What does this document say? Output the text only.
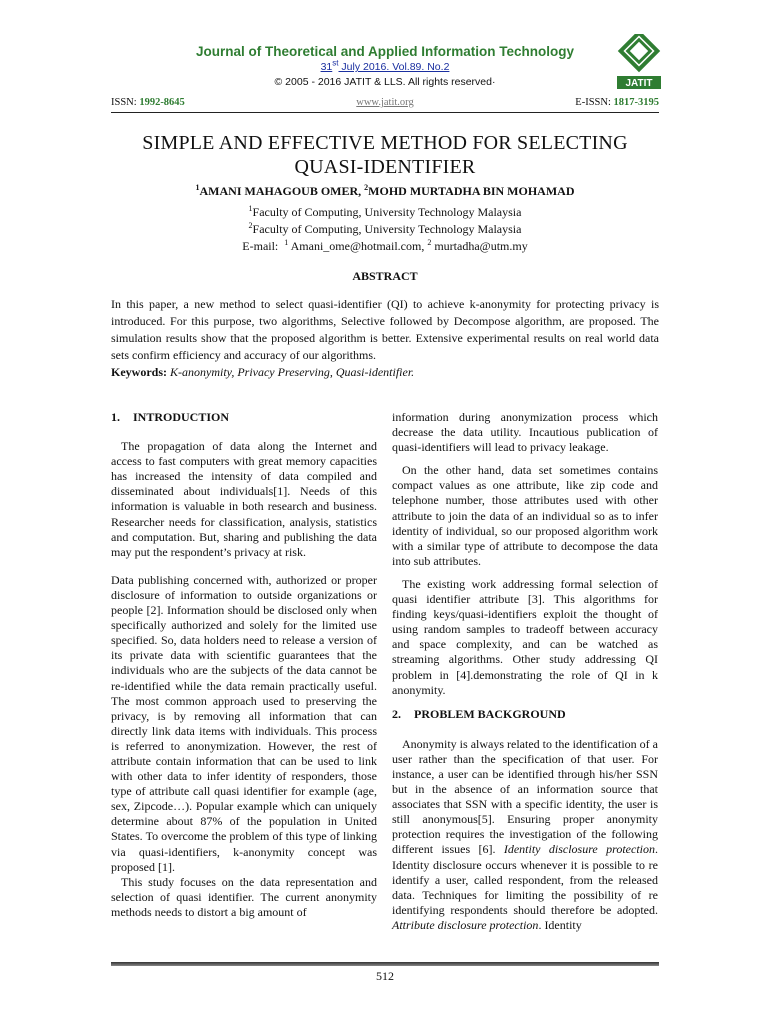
Journal of Theoretical and Applied Information Technology
31st July 2016. Vol.89. No.2
© 2005 - 2016 JATIT & LLS. All rights reserved·	JATIT
ISSN: 1992-8645	www.jatit.org	E-ISSN: 1817-3195
SIMPLE AND EFFECTIVE METHOD FOR SELECTING
QUASI-IDENTIFIER
$^1$AMANI MAHAGOUB OMER, $^2$MOHD MURTADHA BIN MOHAMAD
$^1$Faculty of Computing, University Technology Malaysia
$^2$Faculty of Computing, University Technology Malaysia
E-mail: $^1$ Amani_ome@hotmail.com, $^2$ murtadha@utm.my
ABSTRACT
In this paper, a new method to select quasi-identifier (QI) to achieve k-anonymity for protecting privacy is introduced. For this purpose, two algorithms, Selective followed by Decompose algorithm, are proposed. The simulation results show that the proposed algorithm is better. Extensive experimental results on real world data sets confirm efficiency and accuracy of our algorithms.
Keywords: K-anonymity, Privacy Preserving, Quasi-identifier.

1. INTRODUCTION

The propagation of data along the Internet and access to fast computers with great memory capacities has increased the intensity of data compiled and disseminated about individuals[1]. Needs of this information is valuable in both research and business. Researcher needs for classification, analysis, statistics and computation. But, sharing and publishing the data may put the respondent’s privacy at risk.

Data publishing concerned with, authorized or proper disclosure of information to outside organizations or people [2]. Information should be disclosed only when specifically authorized and solely for the limited use specified. So, data holders need to release a version of its private data with scientific guarantees that the individuals who are the subjects of the data cannot be re-identified while the data remain practically useful. The most common approach used to preserving the privacy, is by removing all information that can directly link data items with individuals. This process is referred to anonymization. However, the rest of attribute contain information that can be used to link with other data to infer identity of responders, those type of attribute call quasi identifier for example (age, sex, Zipcode…). Popular example which can uniquely determine about 87% of the population in United States. To overcome the problem of this type of linking via quasi-identifiers, k-anonymity concept was proposed [1].

This study focuses on the data representation and selection of quasi identifier. The current anonymity methods needs to distort a big amount of

information during anonymization process which decrease the data utility. Incautious publication of quasi-identifiers will lead to privacy leakage.

On the other hand, data set sometimes contains compact values as one attribute, like zip code and telephone number, those attributes used with other attribute to join the data of an individual so as to infer identity of individual, so our proposed algorithm work with a similar type of attribute to decompose the data into sub attributes.

The existing work addressing formal selection of quasi identifier attribute [3]. This algorithms for finding keys/quasi-identifiers exploit the thought of using random samples to tradeoff between accuracy and space complexity, and can be watched as streaming algorithms. Other study addressing QI problem in [4].demonstrating the role of QI in k anonymity.

2. PROBLEM BACKGROUND

Anonymity is always related to the identification of a user rather than the specification of that user. For instance, a user can be identified through his/her SSN but in the absence of an information source that associates that SSN with a specific identity, the user is still anonymous[5]. Ensuring proper anonymity protection requires the investigation of the following different issues [6]. Identity disclosure protection. Identity disclosure occurs whenever it is possible to re identify a user, called respondent, from the released data. Techniques for limiting the possibility of re identifying respondents should therefore be adopted. Attribute disclosure protection. Identity

512
